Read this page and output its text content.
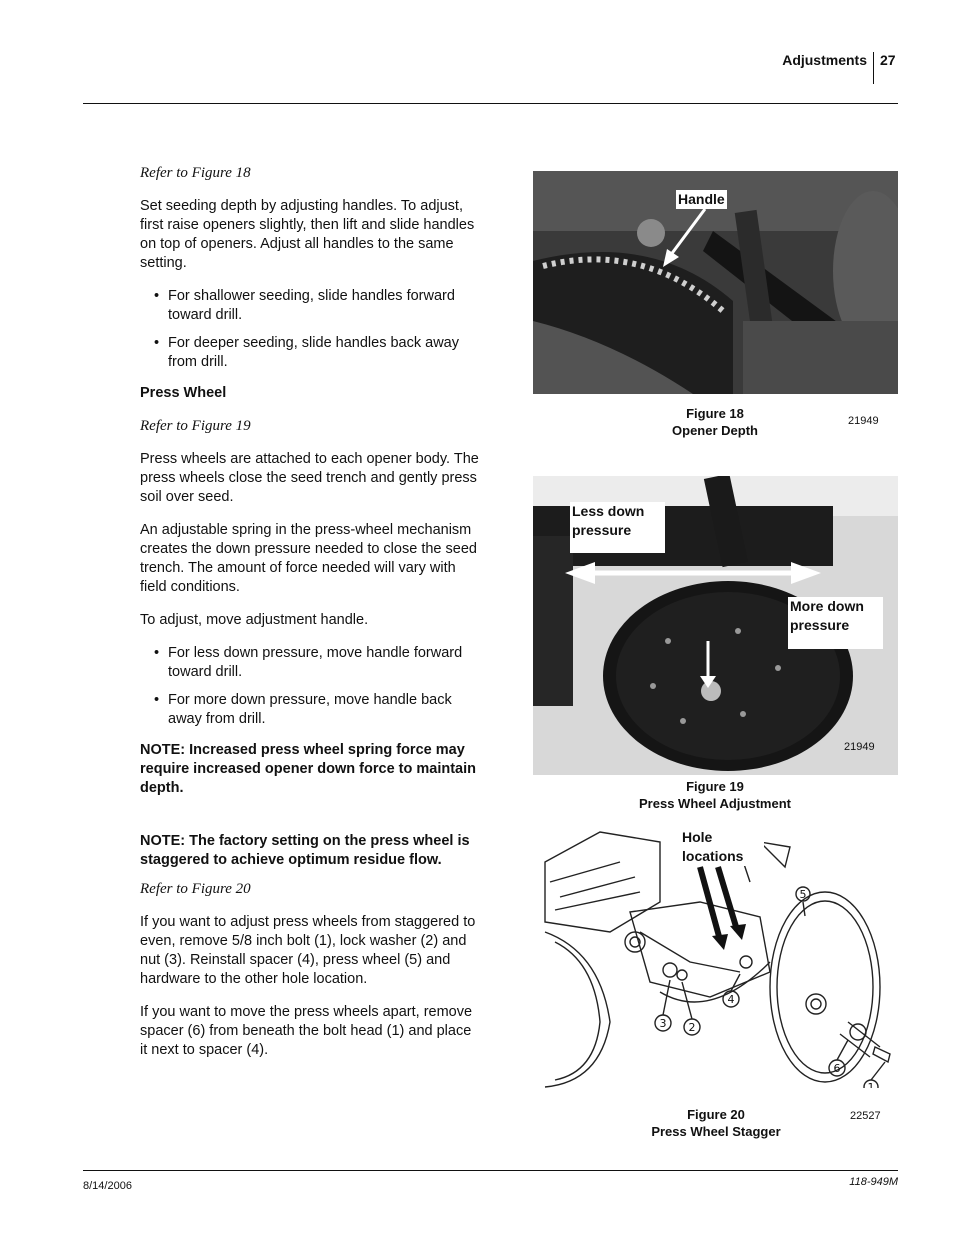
Adjustments 27
8/14/2006	118-949M

Refer to Figure 18

Set seeding depth by adjusting handles. To adjust, first raise openers slightly, then lift and slide handles on top of openers. Adjust all handles to the same setting.

• For shallower seeding, slide handles forward toward drill.
• For deeper seeding, slide handles back away from drill.

Press Wheel

Refer to Figure 19

Press wheels are attached to each opener body. The press wheels close the seed trench and gently press soil over seed.

An adjustable spring in the press-wheel mechanism creates the down pressure needed to close the seed trench. The amount of force needed will vary with field conditions.

To adjust, move adjustment handle.

• For less down pressure, move handle forward toward drill.
• For more down pressure, move handle back away from drill.

NOTE: Increased press wheel spring force may require increased opener down force to maintain depth.

NOTE: The factory setting on the press wheel is staggered to achieve optimum residue flow.

Refer to Figure 20

If you want to adjust press wheels from staggered to even, remove 5/8 inch bolt (1), lock washer (2) and nut (3). Reinstall spacer (4), press wheel (5) and hardware to the other hole location.

If you want to move the press wheels apart, remove spacer (6) from beneath the bolt head (1) and place it next to spacer (4).

Handle
Figure 18
Opener Depth
21949
Less down pressure
More down pressure
21949
Figure 19
Press Wheel Adjustment
1
2
3
4
5
6
Hole locations
Figure 20
Press Wheel Stagger
22527
